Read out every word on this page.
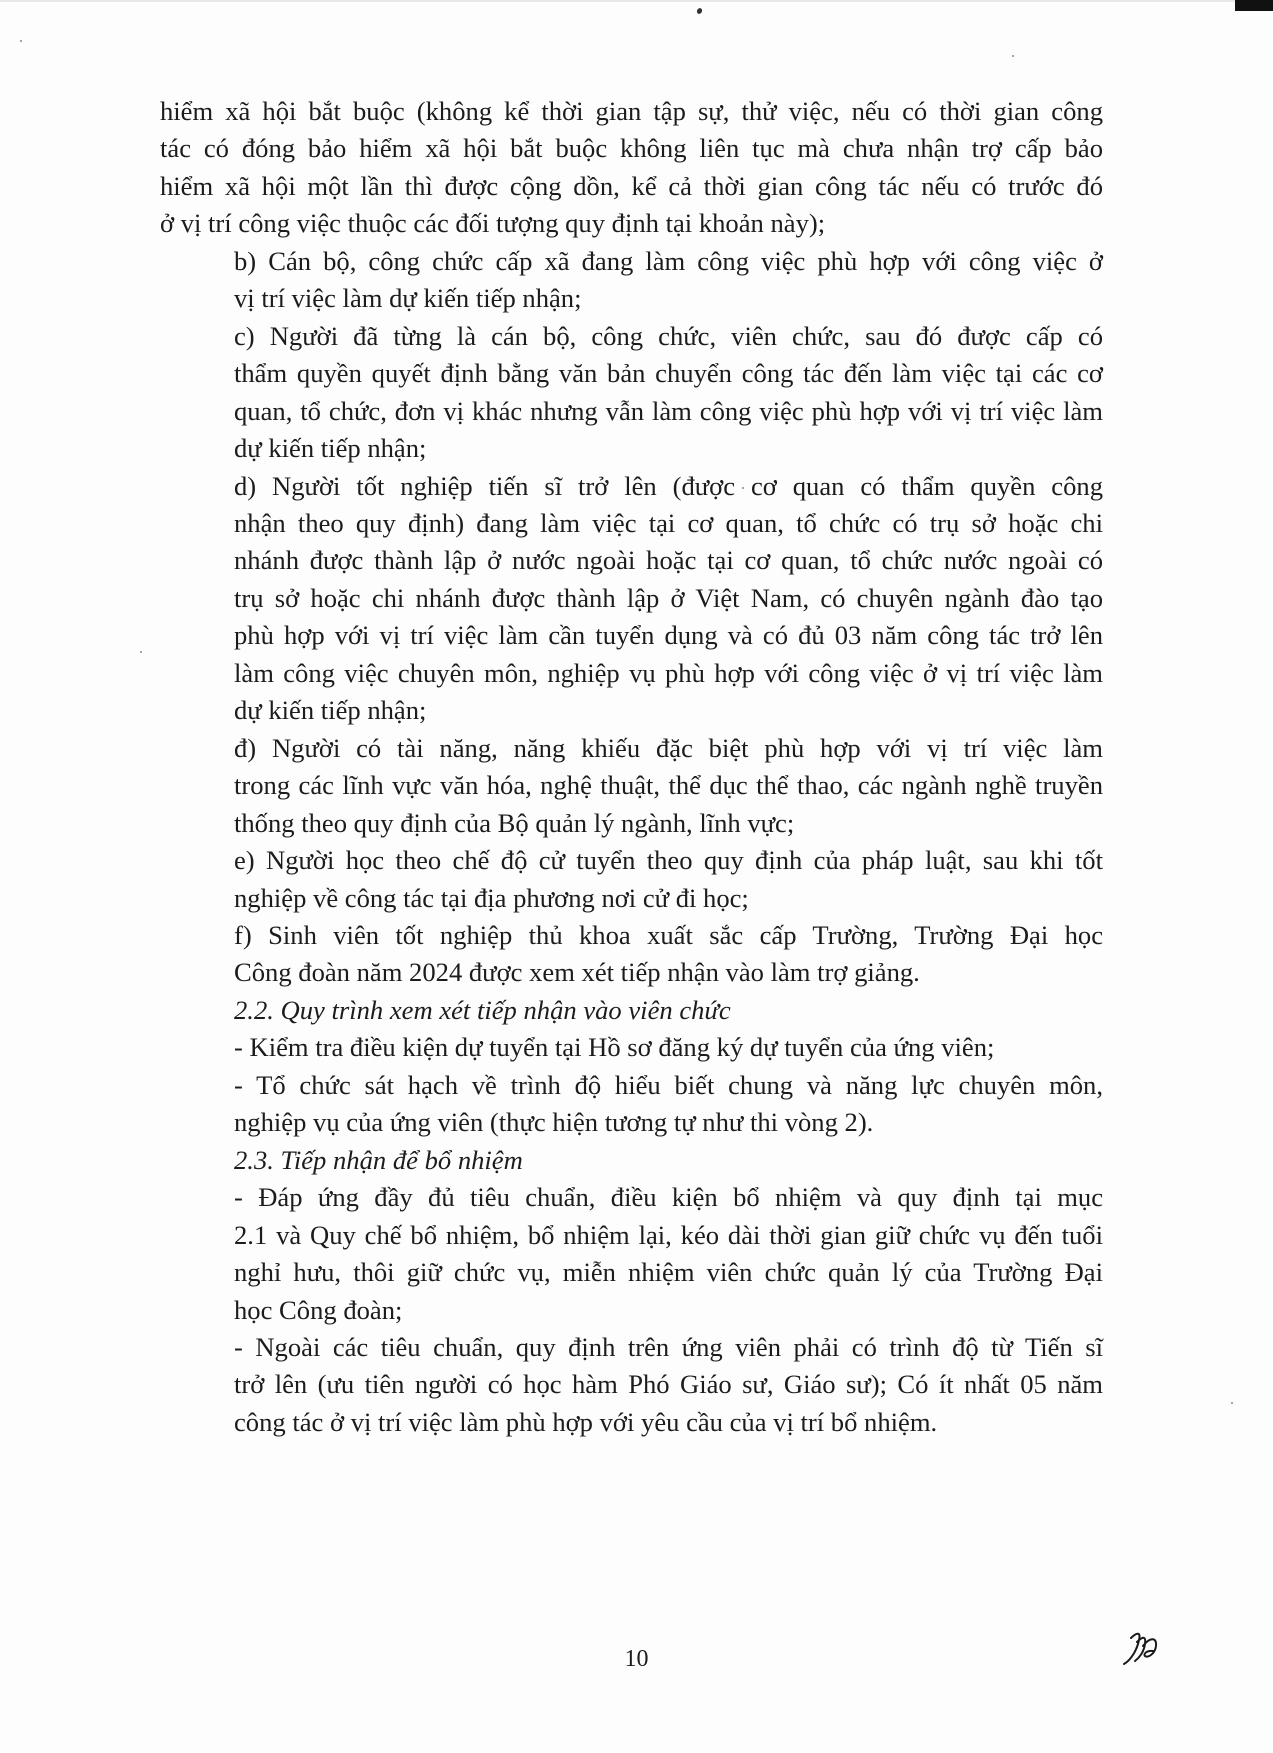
hiểm xã hội bắt buộc (không kể thời gian tập sự, thử việc, nếu có thời gian công
tác có đóng bảo hiểm xã hội bắt buộc không liên tục mà chưa nhận trợ cấp bảo
hiểm xã hội một lần thì được cộng dồn, kể cả thời gian công tác nếu có trước đó
ở vị trí công việc thuộc các đối tượng quy định tại khoản này);
b) Cán bộ, công chức cấp xã đang làm công việc phù hợp với công việc ở
vị trí việc làm dự kiến tiếp nhận;
c) Người đã từng là cán bộ, công chức, viên chức, sau đó được cấp có
thẩm quyền quyết định bằng văn bản chuyển công tác đến làm việc tại các cơ
quan, tổ chức, đơn vị khác nhưng vẫn làm công việc phù hợp với vị trí việc làm
dự kiến tiếp nhận;
d) Người tốt nghiệp tiến sĩ trở lên (được cơ quan có thẩm quyền công
nhận theo quy định) đang làm việc tại cơ quan, tổ chức có trụ sở hoặc chi
nhánh được thành lập ở nước ngoài hoặc tại cơ quan, tổ chức nước ngoài có
trụ sở hoặc chi nhánh được thành lập ở Việt Nam, có chuyên ngành đào tạo
phù hợp với vị trí việc làm cần tuyển dụng và có đủ 03 năm công tác trở lên
làm công việc chuyên môn, nghiệp vụ phù hợp với công việc ở vị trí việc làm
dự kiến tiếp nhận;
đ) Người có tài năng, năng khiếu đặc biệt phù hợp với vị trí việc làm
trong các lĩnh vực văn hóa, nghệ thuật, thể dục thể thao, các ngành nghề truyền
thống theo quy định của Bộ quản lý ngành, lĩnh vực;
e) Người học theo chế độ cử tuyển theo quy định của pháp luật, sau khi tốt
nghiệp về công tác tại địa phương nơi cử đi học;
f) Sinh viên tốt nghiệp thủ khoa xuất sắc cấp Trường, Trường Đại học
Công đoàn năm 2024 được xem xét tiếp nhận vào làm trợ giảng.
2.2. Quy trình xem xét tiếp nhận vào viên chức
- Kiểm tra điều kiện dự tuyển tại Hồ sơ đăng ký dự tuyển của ứng viên;
- Tổ chức sát hạch về trình độ hiểu biết chung và năng lực chuyên môn,
nghiệp vụ của ứng viên (thực hiện tương tự như thi vòng 2).
2.3. Tiếp nhận để bổ nhiệm
- Đáp ứng đầy đủ tiêu chuẩn, điều kiện bổ nhiệm và quy định tại mục
2.1 và Quy chế bổ nhiệm, bổ nhiệm lại, kéo dài thời gian giữ chức vụ đến tuổi
nghỉ hưu, thôi giữ chức vụ, miễn nhiệm viên chức quản lý của Trường Đại
học Công đoàn;
- Ngoài các tiêu chuẩn, quy định trên ứng viên phải có trình độ từ Tiến sĩ
trở lên (ưu tiên người có học hàm Phó Giáo sư, Giáo sư); Có ít nhất 05 năm
công tác ở vị trí việc làm phù hợp với yêu cầu của vị trí bổ nhiệm.
10
